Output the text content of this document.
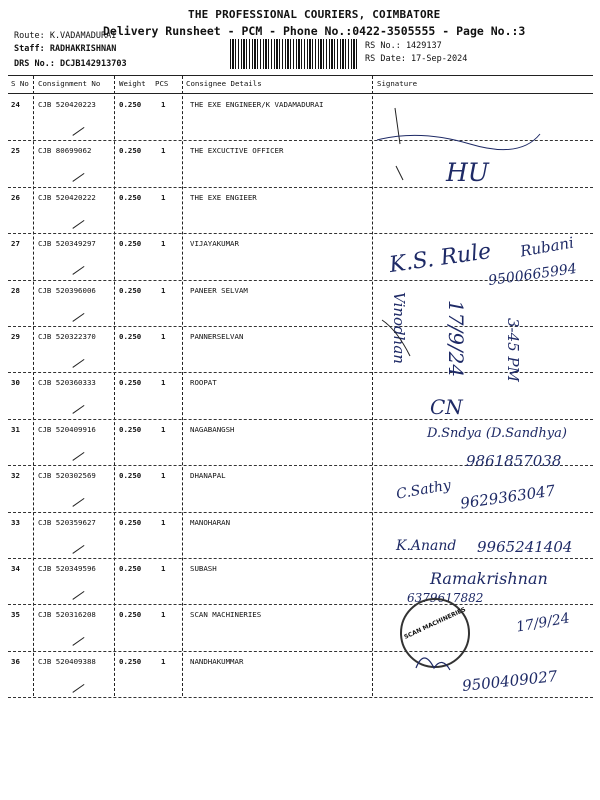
THE PROFESSIONAL COURIERS, COIMBATORE
Delivery Runsheet - PCM - Phone No.:0422-3505555 - Page No.:3
Route: K.VADAMADURAI
Staff: RADHAKRISHNAN
DRS No.: DCJB142913703
RS No.: 1429137
RS Date: 17-Sep-2024
S No Consignment No	Weight PCS Consignee Details	Signature
24 CJB 520420223	0.250	1	THE EXE ENGINEER/K VADAMADURAI
25 CJB 80699062	0.250	1	THE EXCUCTIVE OFFICER
26 CJB 520420222	0.250	1	THE EXE ENGIEER
27 CJB 520349297	0.250	1	VIJAYAKUMAR
28 CJB 520396006	0.250	1	PANEER SELVAM
29 CJB 520322370	0.250	1	PANNERSELVAN
30 CJB 520360333	0.250	1	ROOPAT
31 CJB 520409916	0.250	1	NAGABANGSH
32 CJB 520302569	0.250	1	DHANAPAL
33 CJB 520359627	0.250	1	MANOHARAN
34 CJB 520349596	0.250	1	SUBASH
35 CJB 520316208	0.250	1	SCAN MACHINERIES
36 CJB 520409388	0.250	1	NANDHAKUMMAR
HU
K.S. Rule Rubani
9500665994
Vinodhan 17/9/24 3-45 PM
CN
D.Sndya (D.Sandhya)
9861857038
C.Sathy 9629363047
K.Anand 9965241404
Ramakrishnan
6379617882
SCAN MACHINERIES	17/9/24
9500409027
